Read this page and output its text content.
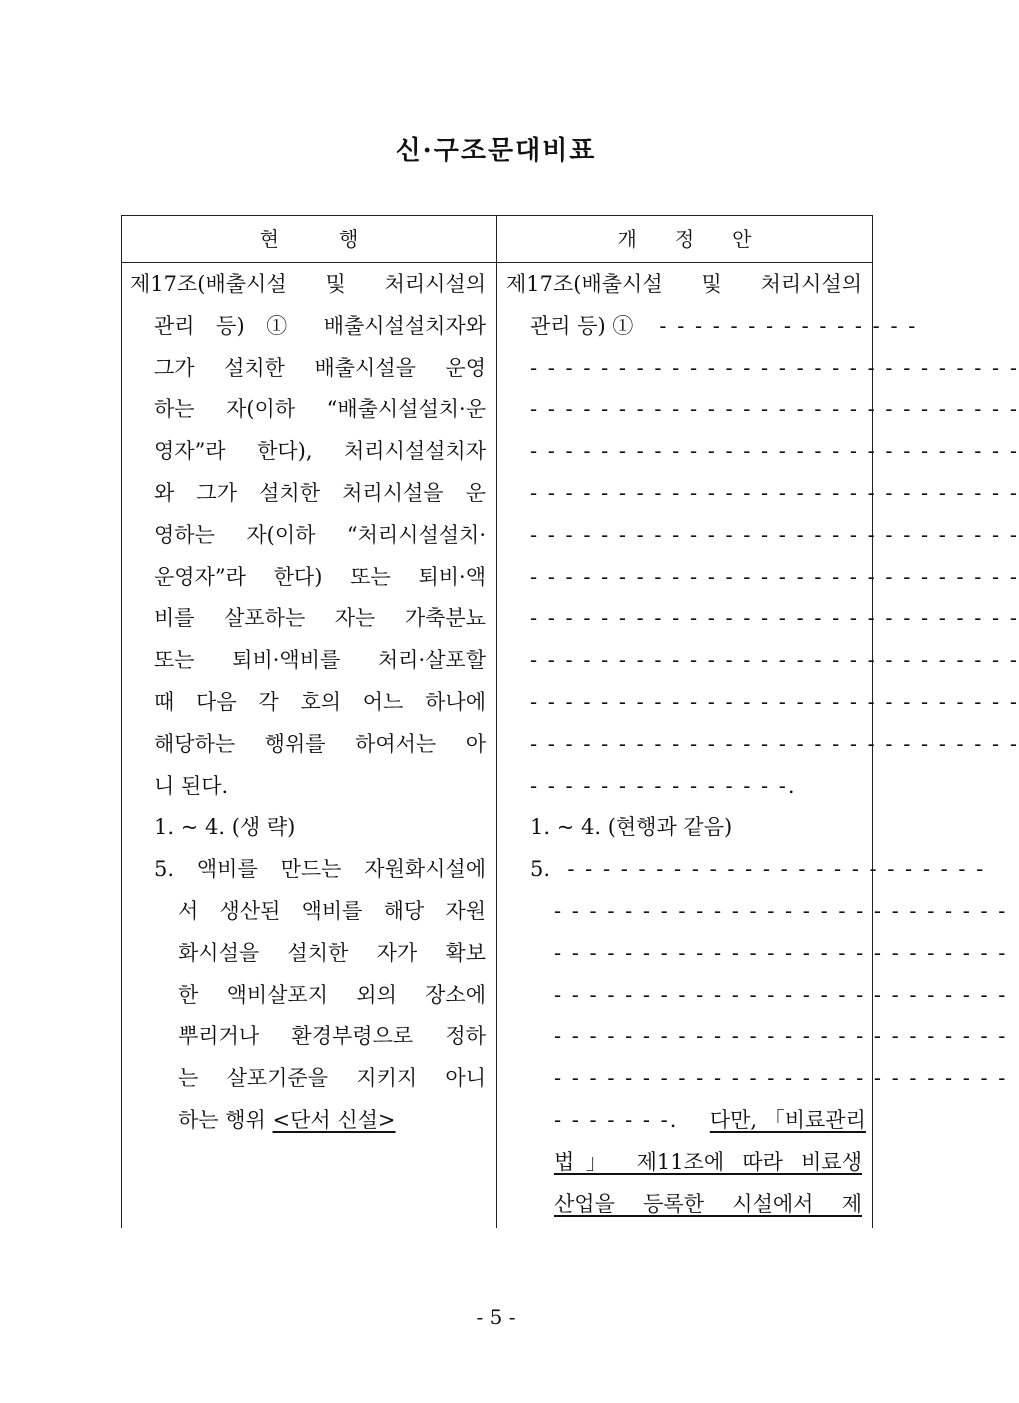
신·구조문대비표
현행	개정안
제17조(배출시설 및 처리시설의
관리 등) ① 배출시설설치자와
그가 설치한 배출시설을 운영
하는 자(이하 “배출시설설치·운
영자”라 한다), 처리시설설치자
와 그가 설치한 처리시설을 운
영하는 자(이하 “처리시설설치·
운영자”라 한다) 또는 퇴비·액
비를 살포하는 자는 가축분뇨
또는 퇴비·액비를 처리·살포할
때 다음 각 호의 어느 하나에
해당하는 행위를 하여서는 아
니 된다.
1. ~ 4. (생 략)
5. 액비를 만드는 자원화시설에
서 생산된 액비를 해당 자원
화시설을 설치한 자가 확보
한 액비살포지 외의 장소에
뿌리거나 환경부령으로 정하
는 살포기준을 지키지 아니
하는 행위 <단서 신설>
제17조(배출시설 및 처리시설의
관리 등) ①   - - - - - - - - - - - - - - -
- - - - - - - - - - - - - - - - - - - - - - - - - - - -
- - - - - - - - - - - - - - - - - - - - - - - - - - - -
- - - - - - - - - - - - - - - - - - - - - - - - - - - -
- - - - - - - - - - - - - - - - - - - - - - - - - - - -
- - - - - - - - - - - - - - - - - - - - - - - - - - - -
- - - - - - - - - - - - - - - - - - - - - - - - - - - -
- - - - - - - - - - - - - - - - - - - - - - - - - - - -
- - - - - - - - - - - - - - - - - - - - - - - - - - - -
- - - - - - - - - - - - - - - - - - - - - - - - - - - -
- - - - - - - - - - - - - - - - - - - - - - - - - - - -
- - - - - - - - - - - - - - -.
1. ~ 4. (현행과 같음)
5.  - - - - - - - - - - - - - - - - - - - - - - - -
- - - - - - - - - - - - - - - - - - - - - - - - - -
- - - - - - - - - - - - - - - - - - - - - - - - - -
- - - - - - - - - - - - - - - - - - - - - - - - - -
- - - - - - - - - - - - - - - - - - - - - - - - - -
- - - - - - - - - - - - - - - - - - - - - - - - - -
- - - - - - -. 다만, 「비료관리
법」 제11조에 따라 비료생
산업을 등록한 시설에서 제
- 5 -
